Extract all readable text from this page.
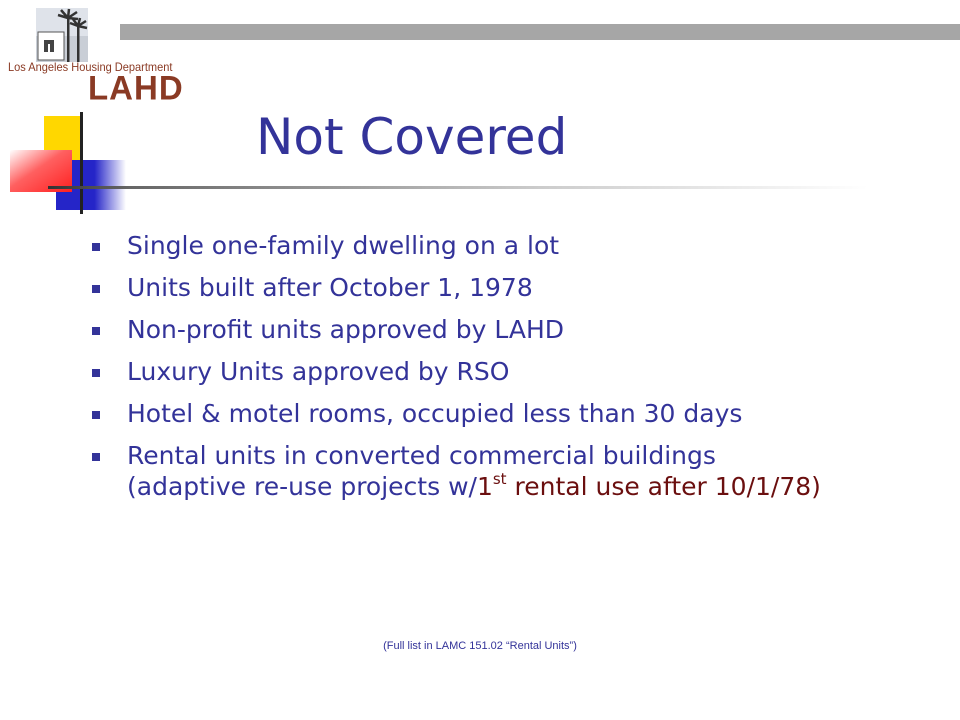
Los Angeles Housing Department
LAHD
Not Covered
Single one-family dwelling on a lot
Units built after October 1, 1978
Non-profit units approved by LAHD
Luxury Units approved by RSO
Hotel & motel rooms, occupied less than 30 days
Rental units in converted commercial buildings (adaptive re-use projects w/1st rental use after 10/1/78)
(Full list in LAMC 151.02 “Rental Units”)
